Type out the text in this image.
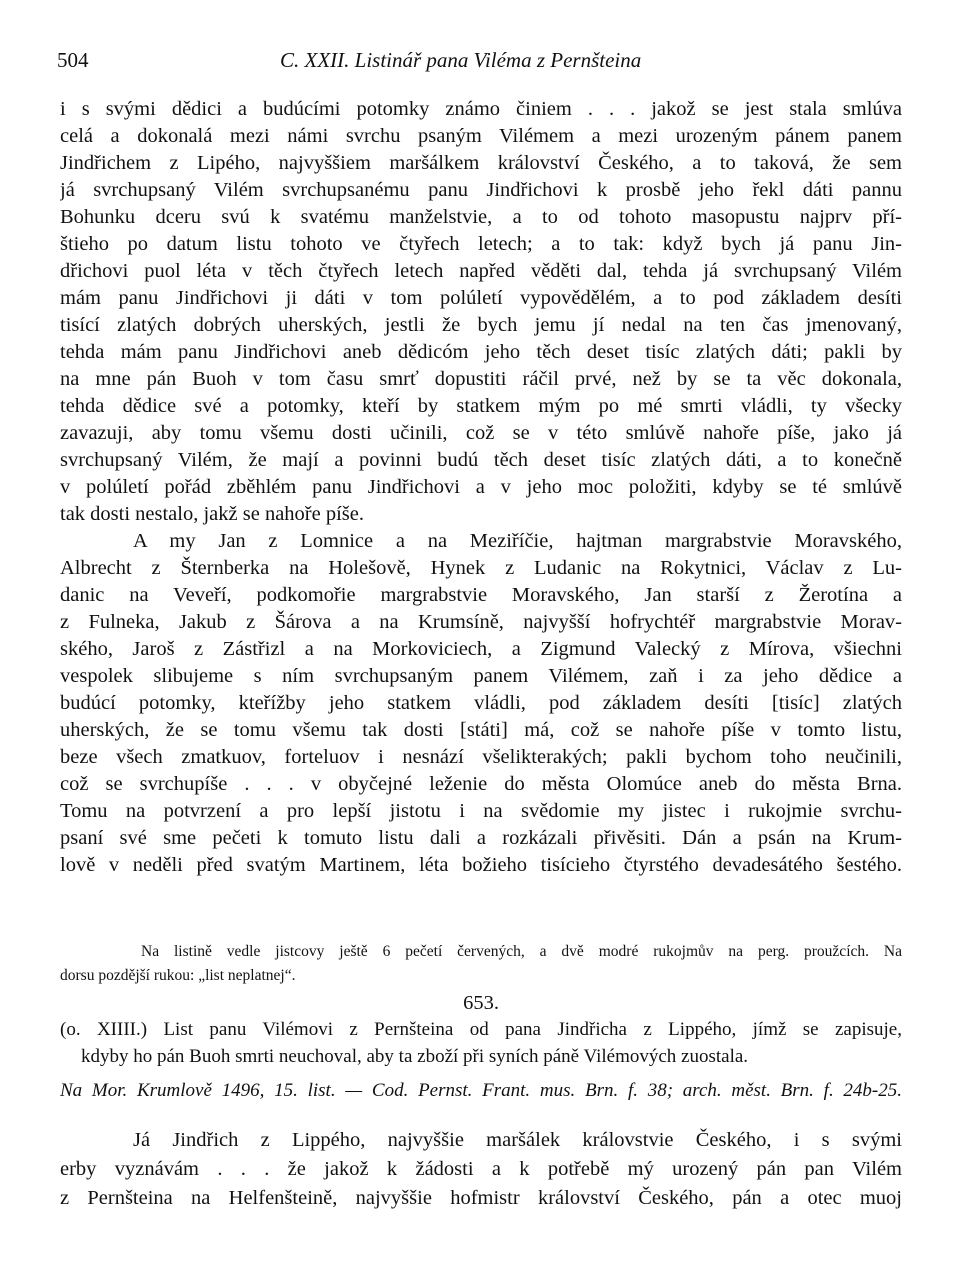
504	C. XXII. Listinář pana Viléma z Pernšteina
i s svými dědici a budúcími potomky známo činiem . . . jakož se jest stala smlúva
celá a dokonalá mezi námi svrchu psaným Vilémem a mezi urozeným pánem panem
Jindřichem z Lipého, najvyššiem maršálkem království Českého, a to taková, že sem
já svrchupsaný Vilém svrchupsanému panu Jindřichovi k prosbě jeho řekl dáti pannu
Bohunku dceru svú k svatému manželstvie, a to od tohoto masopustu najprv pří-
štieho po datum listu tohoto ve čtyřech letech; a to tak: když bych já panu Jin-
dřichovi puol léta v těch čtyřech letech napřed věděti dal, tehda já svrchupsaný Vilém
mám panu Jindřichovi ji dáti v tom polúletí vypovědělém, a to pod základem desíti
tisící zlatých dobrých uherských, jestli že bych jemu jí nedal na ten čas jmenovaný,
tehda mám panu Jindřichovi aneb dědicóm jeho těch deset tisíc zlatých dáti; pakli by
na mne pán Buoh v tom času smrť dopustiti ráčil prvé, než by se ta věc dokonala,
tehda dědice své a potomky, kteří by statkem mým po mé smrti vládli, ty všecky
zavazuji, aby tomu všemu dosti učinili, což se v této smlúvě nahoře píše, jako já
svrchupsaný Vilém, že mají a povinni budú těch deset tisíc zlatých dáti, a to konečně
v polúletí pořád zběhlém panu Jindřichovi a v jeho moc položiti, kdyby se té smlúvě
tak dosti nestalo, jakž se nahoře píše.
A my Jan z Lomnice a na Meziříčie, hajtman margrabstvie Moravského,
Albrecht z Šternberka na Holešově, Hynek z Ludanic na Rokytnici, Václav z Lu-
danic na Veveří, podkomořie margrabstvie Moravského, Jan starší z Žerotína a
z Fulneka, Jakub z Šárova a na Krumsíně, najvyšší hofrychtéř margrabstvie Morav-
ského, Jaroš z Zástřizl a na Morkoviciech, a Zigmund Valecký z Mírova, všiechni
vespolek slibujeme s ním svrchupsaným panem Vilémem, zaň i za jeho dědice a
budúcí potomky, kteřížby jeho statkem vládli, pod základem desíti [tisíc] zlatých
uherských, že se tomu všemu tak dosti [státi] má, což se nahoře píše v tomto listu,
beze všech zmatkuov, forteluov i nesnází všelikterakých; pakli bychom toho neučinili,
což se svrchupíše . . . v obyčejné leženie do města Olomúce aneb do města Brna.
Tomu na potvrzení a pro lepší jistotu i na svědomie my jistec i rukojmie svrchu-
psaní své sme pečeti k tomuto listu dali a rozkázali přivěsiti. Dán a psán na Krum-
lově v neděli před svatým Martinem, léta božieho tisícieho čtyrstého devadesátého šestého.
Na listině vedle jistcovy ještě 6 pečetí červených, a dvě modré rukojmův na perg. proužcích. Na
dorsu pozdější rukou: „list neplatnej“.
653.
(o. XIIII.) List panu Vilémovi z Pernšteina od pana Jindřicha z Lippého, jímž se zapisuje,
kdyby ho pán Buoh smrti neuchoval, aby ta zboží při syních páně Vilémových zuostala.
Na Mor. Krumlově 1496, 15. list. — Cod. Pernst. Frant. mus. Brn. f. 38; arch. měst. Brn. f. 24b-25.
Já Jindřich z Lippého, najvyššie maršálek královstvie Českého, i s svými
erby vyznávám . . . že jakož k žádosti a k potřebě mý urozený pán pan Vilém
z Pernšteina na Helfenšteině, najvyššie hofmistr království Českého, pán a otec muoj
